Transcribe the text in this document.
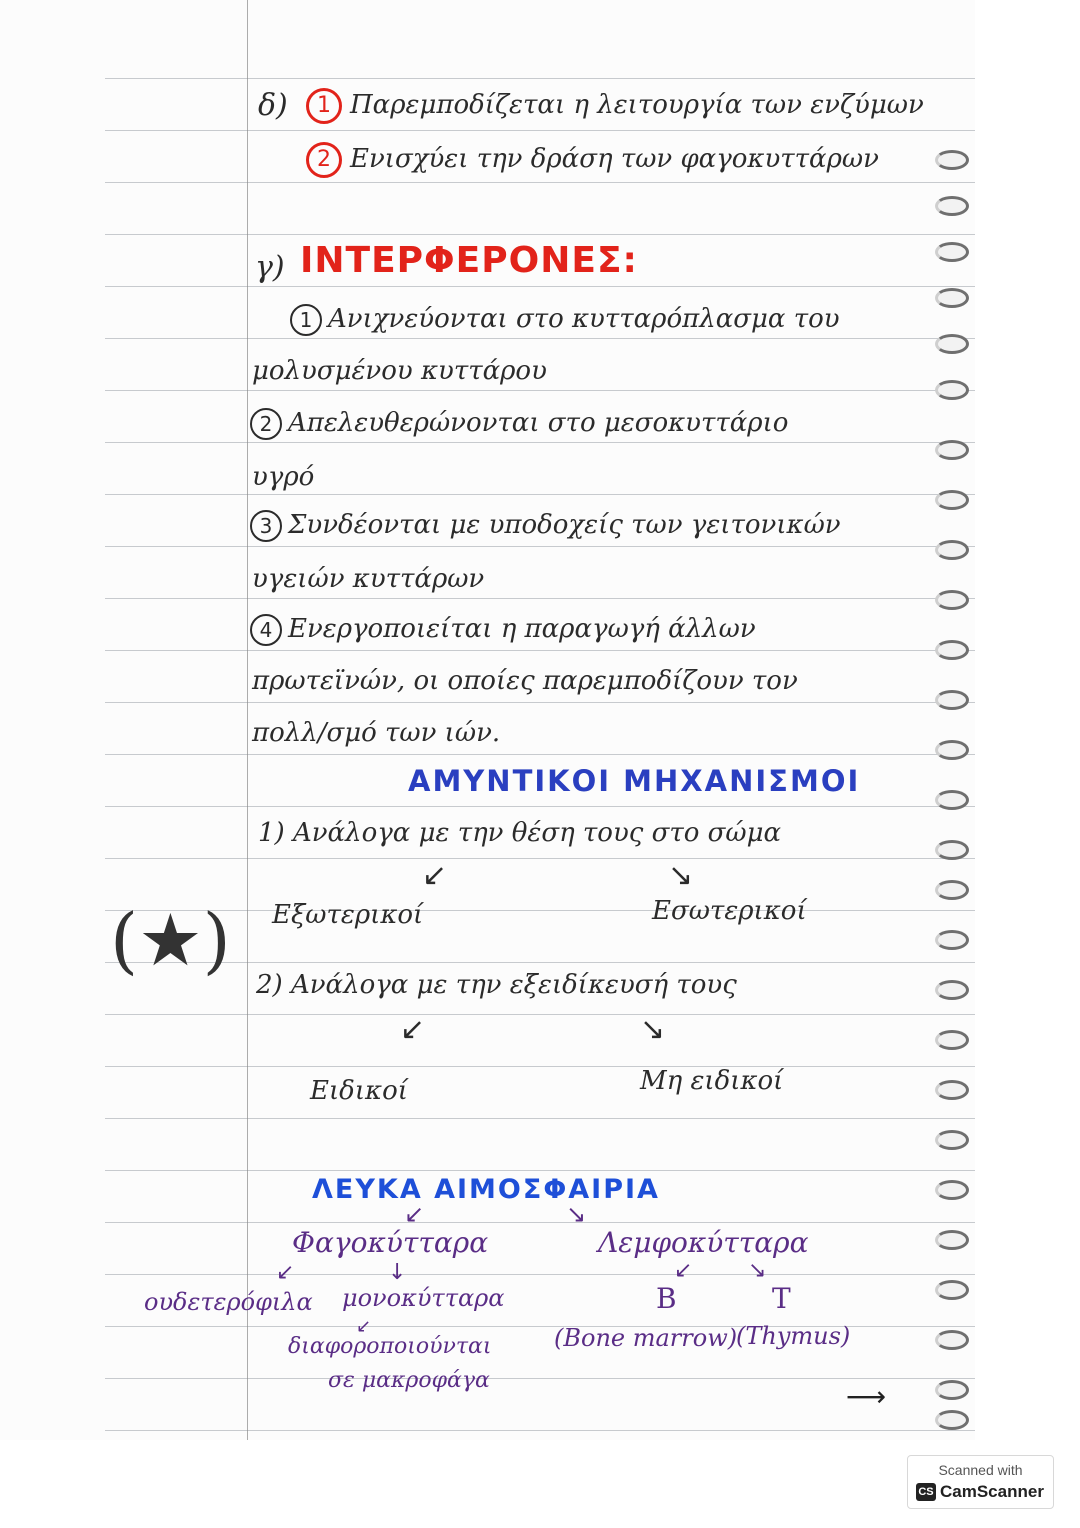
δ)	1 Παρεμποδίζεται η λειτουργία των ενζύμων
2 Ενισχύει την δράση των φαγοκυττάρων
γ) ΙΝΤΕΡΦΕΡΟΝΕΣ:
1 Ανιχνεύονται στο κυτταρόπλασμα του
μολυσμένου κυττάρου
2 Απελευθερώνονται στο μεσοκυττάριο
υγρό
3 Συνδέονται με υποδοχείς των γειτονικών
υγειών κυττάρων
4 Ενεργοποιείται η παραγωγή άλλων
πρωτεϊνών, οι οποίες παρεμποδίζουν τον
πολλ/σμό των ιών.
ΑΜΥΝΤΙΚΟΙ ΜΗΧΑΝΙΣΜΟΙ
1) Ανάλογα με την θέση τους στο σώμα
↙	↘
Εξωτερικοί	Εσωτερικοί
(★)
2) Ανάλογα με την εξειδίκευσή τους
↙	↘
Ειδικοί	Μη ειδικοί
ΛΕΥΚΑ ΑΙΜΟΣΦΑΙΡΙΑ
↙	↘
Φαγοκύτταρα	Λεμφοκύτταρα
↙	↓	↙	↘
ουδετερόφιλα μονοκύτταρα	B	T
↙
διαφοροποιούνται
σε μακροφάγα
(Bone marrow)
(Thymus)
⟶
Scanned with
CS CamScanner
